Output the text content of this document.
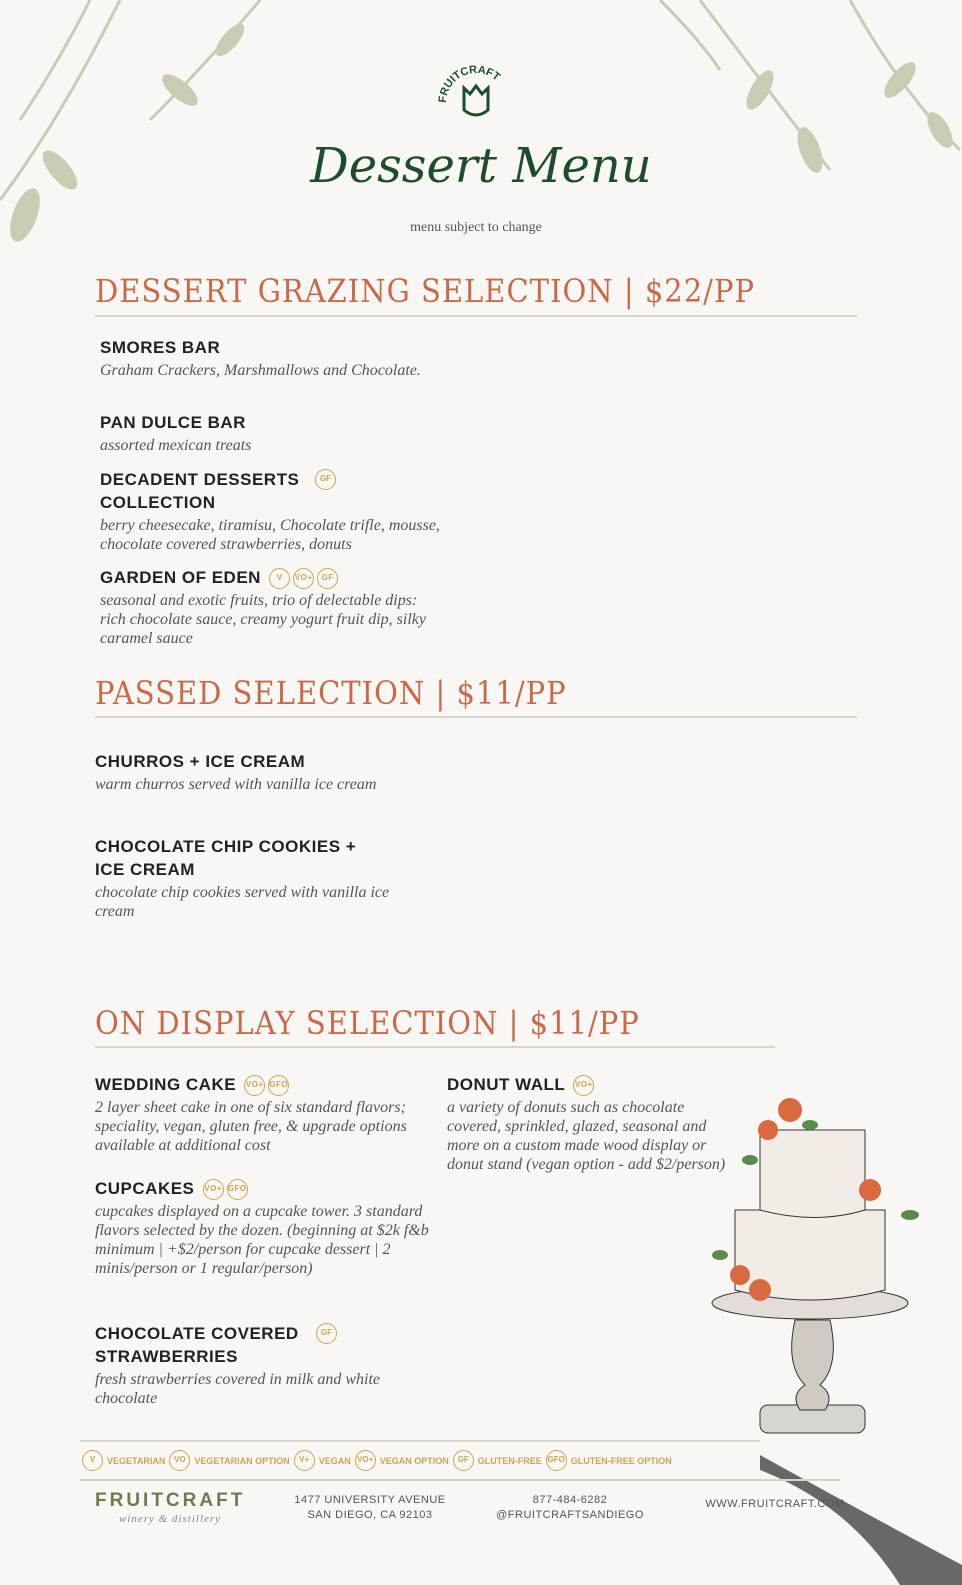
FRUITCRAFT
Dessert Menu
menu subject to change
DESSERT GRAZING SELECTION | $22/PP
SMORES BAR
Graham Crackers, Marshmallows and Chocolate.
PAN DULCE BAR
assorted mexican treats
DECADENT DESSERTS COLLECTION
GF
berry cheesecake, tiramisu, Chocolate trifle, mousse, chocolate covered strawberries, donuts
GARDEN OF EDEN V VO+ GF
seasonal and exotic fruits, trio of delectable dips: rich chocolate sauce, creamy yogurt fruit dip, silky caramel sauce
PASSED SELECTION | $11/PP
CHURROS + ICE CREAM
warm churros served with vanilla ice cream
CHOCOLATE CHIP COOKIES + ICE CREAM
chocolate chip cookies served with vanilla ice cream
ON DISPLAY SELECTION | $11/PP
WEDDING CAKE VO+ GFO
2 layer sheet cake in one of six standard flavors; speciality, vegan, gluten free, & upgrade options available at additional cost
CUPCAKES VO+ GFO
cupcakes displayed on a cupcake tower. 3 standard flavors selected by the dozen. (beginning at $2k f&b minimum | +$2/person for cupcake dessert | 2 minis/person or 1 regular/person)
CHOCOLATE COVERED STRAWBERRIES
GF
fresh strawberries covered in milk and white chocolate
DONUT WALL VO+
a variety of donuts such as chocolate covered, sprinkled, glazed, seasonal and more on a custom made wood display or donut stand (vegan option - add $2/person)
V	VEGETARIAN	VO VEGETARIAN OPTION	V+	VEGAN VO+ VEGAN OPTION	GF GLUTEN-FREE GFO GLUTEN-FREE OPTION
FRUITCRAFT
winery & distillery
1477 UNIVERSITY AVENUE
SAN DIEGO, CA 92103
877-484-6282
@FRUITCRAFTSANDIEGO
WWW.FRUITCRAFT.COM
